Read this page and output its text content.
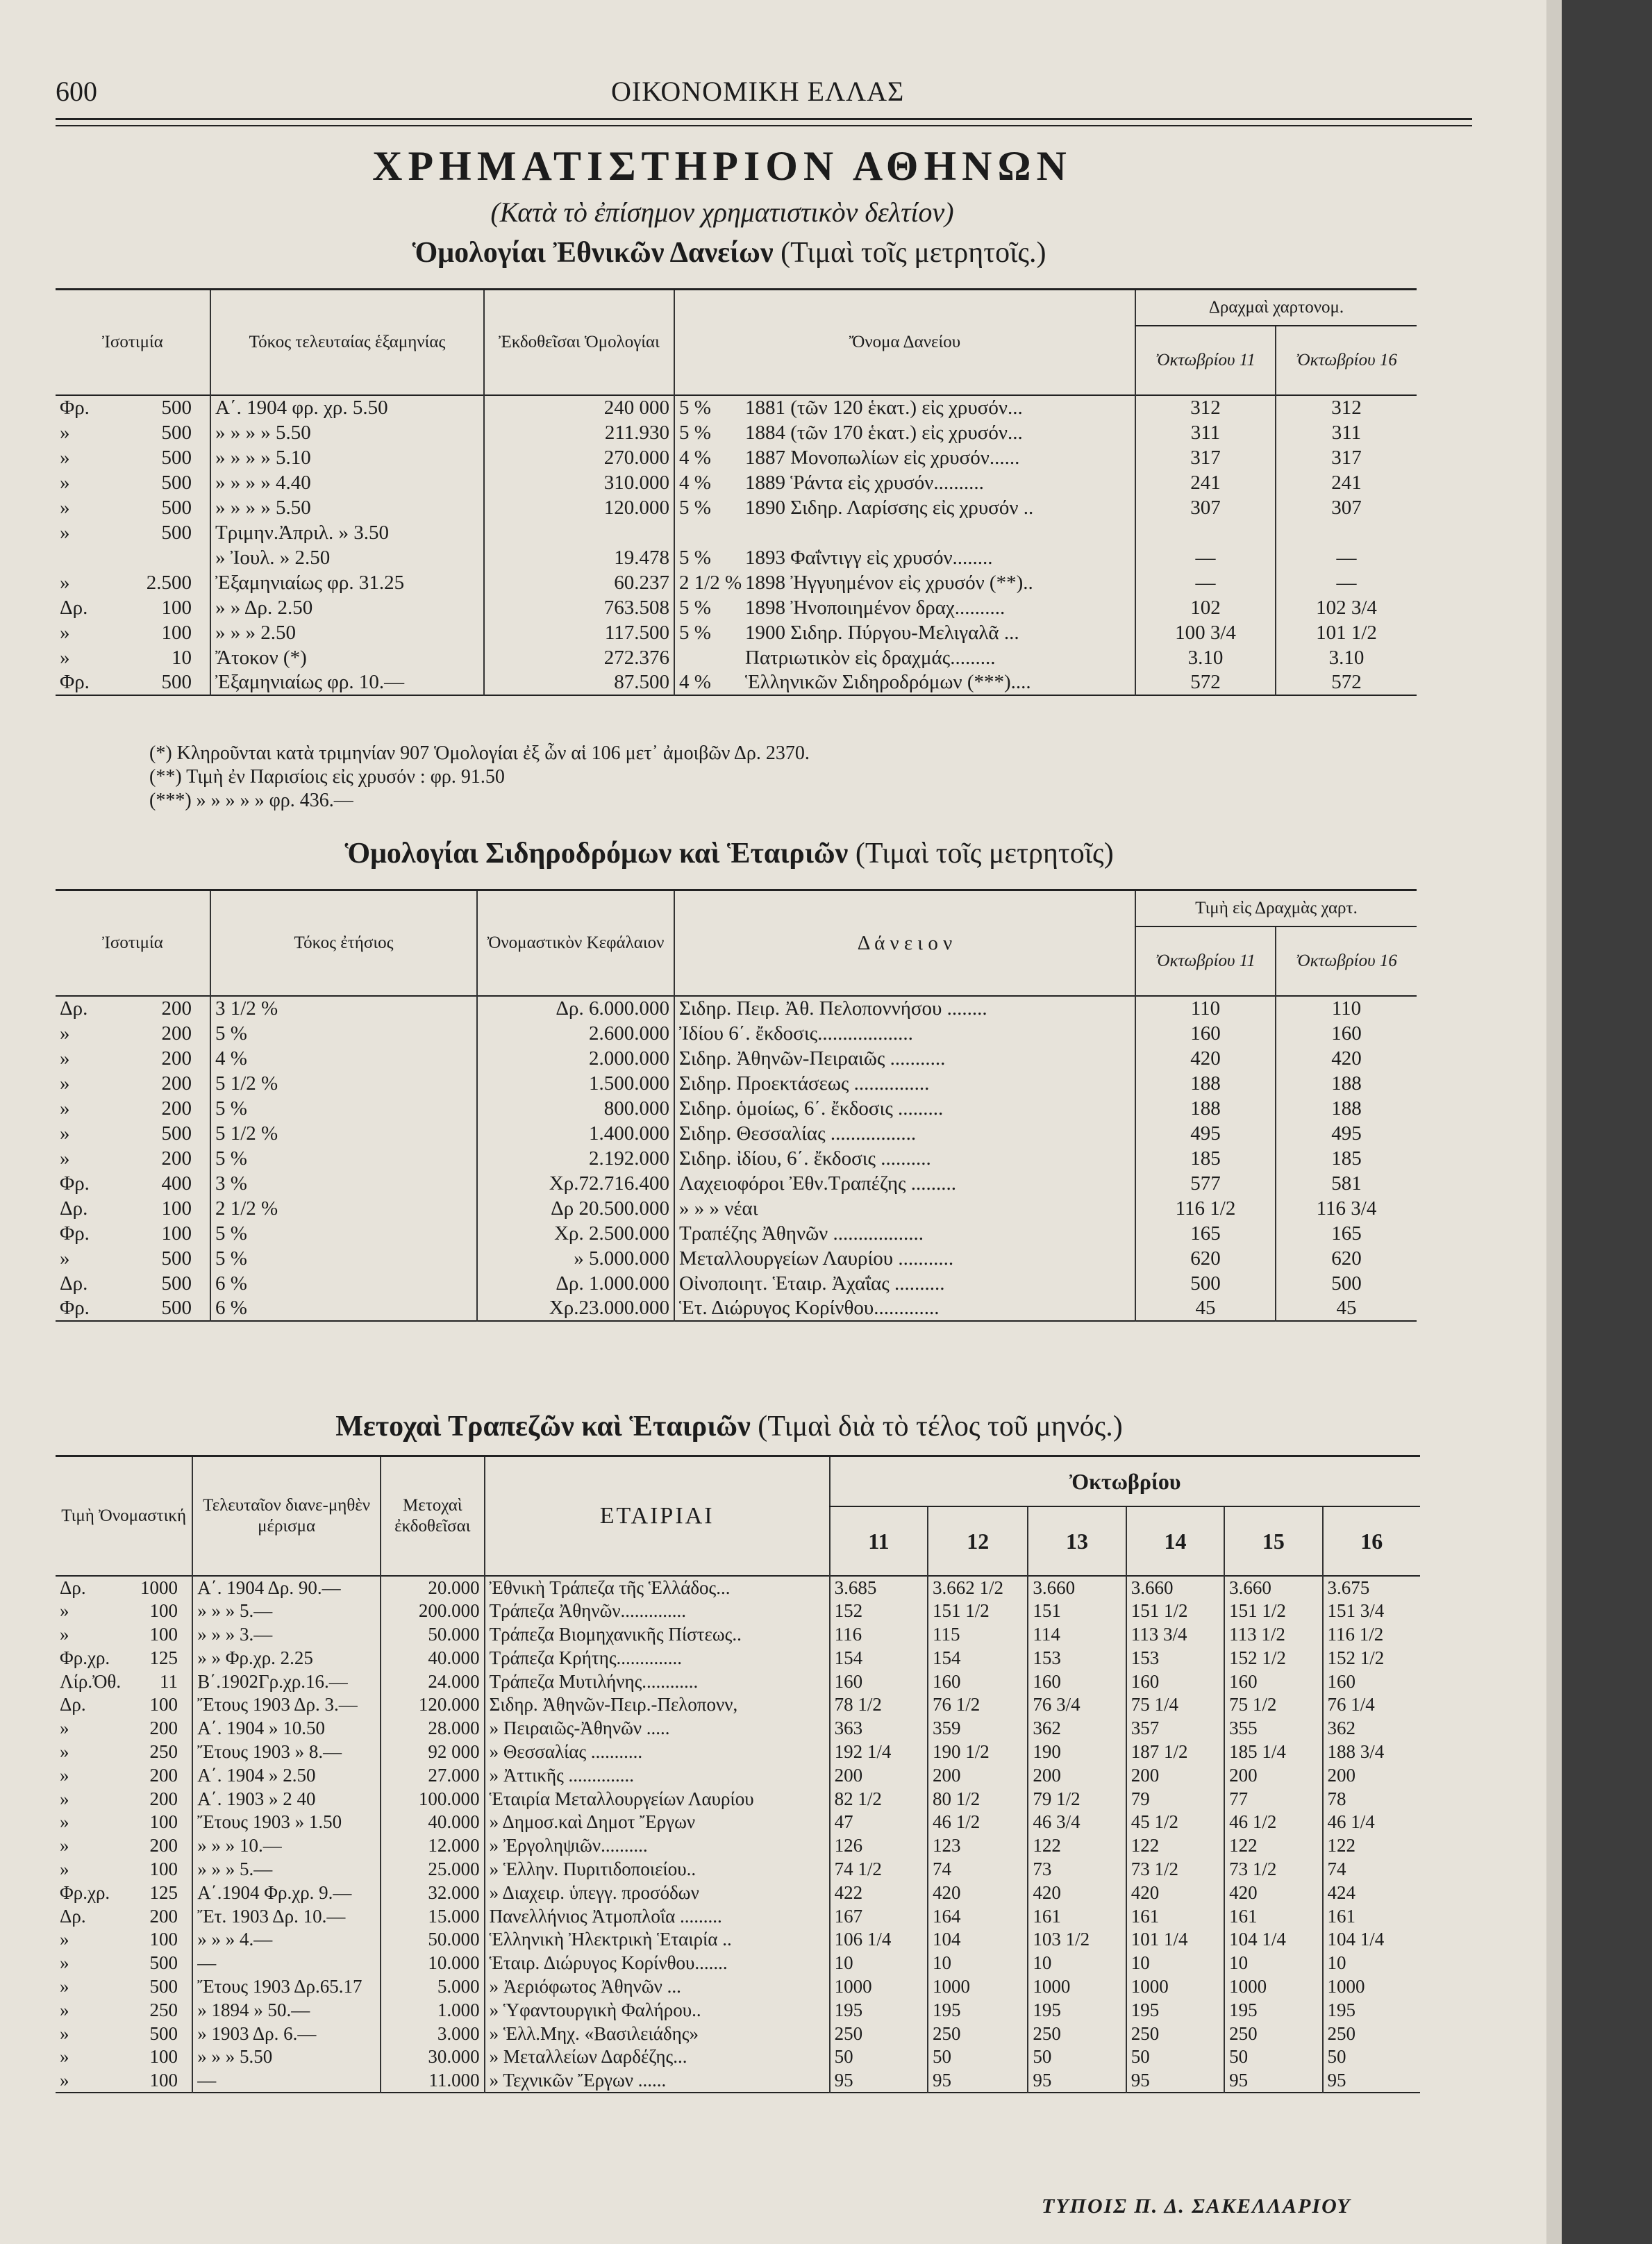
600	ΟΙΚΟΝΟΜΙΚΗ ΕΛΛΑΣ
ΧΡΗΜΑΤΙΣΤΗΡΙΟΝ ΑΘΗΝΩΝ
(Κατὰ τὸ ἐπίσημον χρηματιστικὸν δελτίον)
Ὁμολογίαι Ἐθνικῶν Δανείων (Τιμαὶ τοῖς μετρητοῖς.)
Ἰσοτιμία	Τόκος τελευταίας ἑξαμηνίας	Ἐκδοθεῖσαι Ὁμολογίαι	Ὄνομα Δανείου	Δραχμαὶ χαρτονομ.	
				Ὀκτωβρίου 11	Ὀκτωβρίου 16
Φρ. 500	Α΄. 1904 φρ. χρ. 5.50	240 000	5 % 1881 (τῶν 120 ἑκατ.) εἰς χρυσόν...	312	312
» 500	» » » » 5.50	211.930	5 % 1884 (τῶν 170 ἑκατ.) εἰς χρυσόν...	311	311
» 500	» » » » 5.10	270.000	4 % 1887 Μονοπωλίων εἰς χρυσόν......	317	317
» 500	» » » » 4.40	310.000	4 % 1889 Ῥάντα εἰς χρυσόν..........	241	241
» 500	» » » » 5.50	120.000	5 % 1890 Σιδηρ. Λαρίσσης εἰς χρυσόν ..	307	307
» 500	Τριμην.Ἀπριλ. » 3.50				
	» Ἰουλ. » 2.50	19.478	5 % 1893 Φαΐντιγγ εἰς χρυσόν........	—	—
» 2.500	Ἐξαμηνιαίως φρ. 31.25	60.237	2 1/2 % 1898 Ἠγγυημένον εἰς χρυσόν (**)..	—	—
Δρ. 100	» » Δρ. 2.50	763.508	5 % 1898 Ἠνοποιημένον δραχ..........	102	102 3/4
» 100	» » » 2.50	117.500	5 % 1900 Σιδηρ. Πύργου-Μελιγαλᾶ ...	100 3/4	101 1/2
» 10	Ἄτοκον (*)	272.376	Πατριωτικὸν εἰς δραχμάς.........	3.10	3.10
Φρ. 500	Ἐξαμηνιαίως φρ. 10.—	87.500	4 % Ἑλληνικῶν Σιδηροδρόμων (***)....	572	572
(*) Κληροῦνται κατὰ τριμηνίαν 907 Ὁμολογίαι ἐξ ὧν αἱ 106 μετ᾽ ἀμοιβῶν Δρ. 2370.
(**) Τιμὴ ἐν Παρισίοις εἰς χρυσόν : φρ. 91.50
(***) » » » » » φρ. 436.—
Ὁμολογίαι Σιδηροδρόμων καὶ Ἑταιριῶν (Τιμαὶ τοῖς μετρητοῖς)
Ἰσοτιμία	Τόκος ἐτήσιος	Ὀνομαστικὸν Κεφάλαιον	Δ ά ν ε ι ο ν	Τιμὴ εἰς Δραχμὰς χαρτ.	
				Ὀκτωβρίου 11	Ὀκτωβρίου 16
Δρ. 200	3 1/2 %	Δρ. 6.000.000	Σιδηρ. Πειρ. Ἀθ. Πελοποννήσου ........	110	110
» 200	5 %	2.600.000	Ἰδίου 6΄. ἔκδοσις...................	160	160
» 200	4 %	2.000.000	Σιδηρ. Ἀθηνῶν-Πειραιῶς ...........	420	420
» 200	5 1/2 %	1.500.000	Σιδηρ. Προεκτάσεως ...............	188	188
» 200	5 %	800.000	Σιδηρ. ὁμοίως, 6΄. ἔκδοσις .........	188	188
» 500	5 1/2 %	1.400.000	Σιδηρ. Θεσσαλίας .................	495	495
» 200	5 %	2.192.000	Σιδηρ. ἰδίου, 6΄. ἔκδοσις ..........	185	185
Φρ. 400	3 %	Χρ.72.716.400	Λαχειοφόροι Ἐθν.Τραπέζης .........	577	581
Δρ. 100	2 1/2 %	Δρ 20.500.000	» » » νέαι	116 1/2	116 3/4
Φρ. 100	5 %	Χρ. 2.500.000	Τραπέζης Ἀθηνῶν ..................	165	165
» 500	5 %	» 5.000.000	Μεταλλουργείων Λαυρίου ...........	620	620
Δρ. 500	6 %	Δρ. 1.000.000	Οἰνοποιητ. Ἑταιρ. Ἀχαΐας ..........	500	500
Φρ. 500	6 %	Χρ.23.000.000	Ἑτ. Διώρυγος Κορίνθου.............	45	45
Μετοχαὶ Τραπεζῶν καὶ Ἑταιριῶν (Τιμαὶ διὰ τὸ τέλος τοῦ μηνός.)
Τιμὴ Ὀνομαστική	Τελευταῖον διανε-μηθὲν μέρισμα	Μετοχαὶ ἐκδοθεῖσαι	ΕΤΑΙΡΙΑΙ	Ὀκτωβρίου					
				11	12	13	14	15	16
Δρ. 1000	Α΄. 1904 Δρ. 90.—	20.000	Ἐθνικὴ Τράπεζα τῆς Ἑλλάδος...	3.685	3.662 1/2	3.660	3.660	3.660	3.675
» 100	» » » 5.—	200.000	Τράπεζα Ἀθηνῶν..............	152	151 1/2	151	151 1/2	151 1/2	151 3/4
» 100	» » » 3.—	50.000	Τράπεζα Βιομηχανικῆς Πίστεως..	116	115	114	113 3/4	113 1/2	116 1/2
Φρ.χρ. 125	» » Φρ.χρ. 2.25	40.000	Τράπεζα Κρήτης..............	154	154	153	153	152 1/2	152 1/2
Λίρ.Ὀθ. 11	Β΄.1902Γρ.χρ.16.—	24.000	Τράπεζα Μυτιλήνης............	160	160	160	160	160	160
Δρ. 100	Ἔτους 1903 Δρ. 3.—	120.000	Σιδηρ. Ἀθηνῶν-Πειρ.-Πελοπονν,	78 1/2	76 1/2	76 3/4	75 1/4	75 1/2	76 1/4
» 200	Α΄. 1904 » 10.50	28.000	» Πειραιῶς-Ἀθηνῶν .....	363	359	362	357	355	362
» 250	Ἔτους 1903 » 8.—	92 000	» Θεσσαλίας ...........	192 1/4	190 1/2	190	187 1/2	185 1/4	188 3/4
» 200	Α΄. 1904 » 2.50	27.000	» Ἀττικῆς ..............	200	200	200	200	200	200
» 200	Α΄. 1903 » 2 40	100.000	Ἑταιρία Μεταλλουργείων Λαυρίου	82 1/2	80 1/2	79 1/2	79	77	78
» 100	Ἔτους 1903 » 1.50	40.000	» Δημοσ.καὶ Δημοτ Ἔργων	47	46 1/2	46 3/4	45 1/2	46 1/2	46 1/4
» 200	» » » 10.—	12.000	» Ἐργοληψιῶν..........	126	123	122	122	122	122
» 100	» » » 5.—	25.000	» Ἑλλην. Πυριτιδοποιείου..	74 1/2	74	73	73 1/2	73 1/2	74
Φρ.χρ. 125	Α΄.1904 Φρ.χρ. 9.—	32.000	» Διαχειρ. ὑπεγγ. προσόδων	422	420	420	420	420	424
Δρ. 200	Ἔτ. 1903 Δρ. 10.—	15.000	Πανελλήνιος Ἀτμοπλοΐα .........	167	164	161	161	161	161
» 100	» » » 4.—	50.000	Ἑλληνικὴ Ἠλεκτρικὴ Ἑταιρία ..	106 1/4	104	103 1/2	101 1/4	104 1/4	104 1/4
» 500	—	10.000	Ἑταιρ. Διώρυγος Κορίνθου.......	10	10	10	10	10	10
» 500	Ἔτους 1903 Δρ.65.17	5.000	» Ἀεριόφωτος Ἀθηνῶν ...	1000	1000	1000	1000	1000	1000
» 250	» 1894 » 50.—	1.000	» Ὑφαντουργικὴ Φαλήρου..	195	195	195	195	195	195
» 500	» 1903 Δρ. 6.—	3.000	» Ἑλλ.Μηχ. «Βασιλειάδης»	250	250	250	250	250	250
» 100	» » » 5.50	30.000	» Μεταλλείων Δαρδέζης...	50	50	50	50	50	50
» 100	—	11.000	» Τεχνικῶν Ἔργων ......	95	95	95	95	95	95
ΤΥΠΟΙΣ Π. Δ. ΣΑΚΕΛΛΑΡΙΟΥ
